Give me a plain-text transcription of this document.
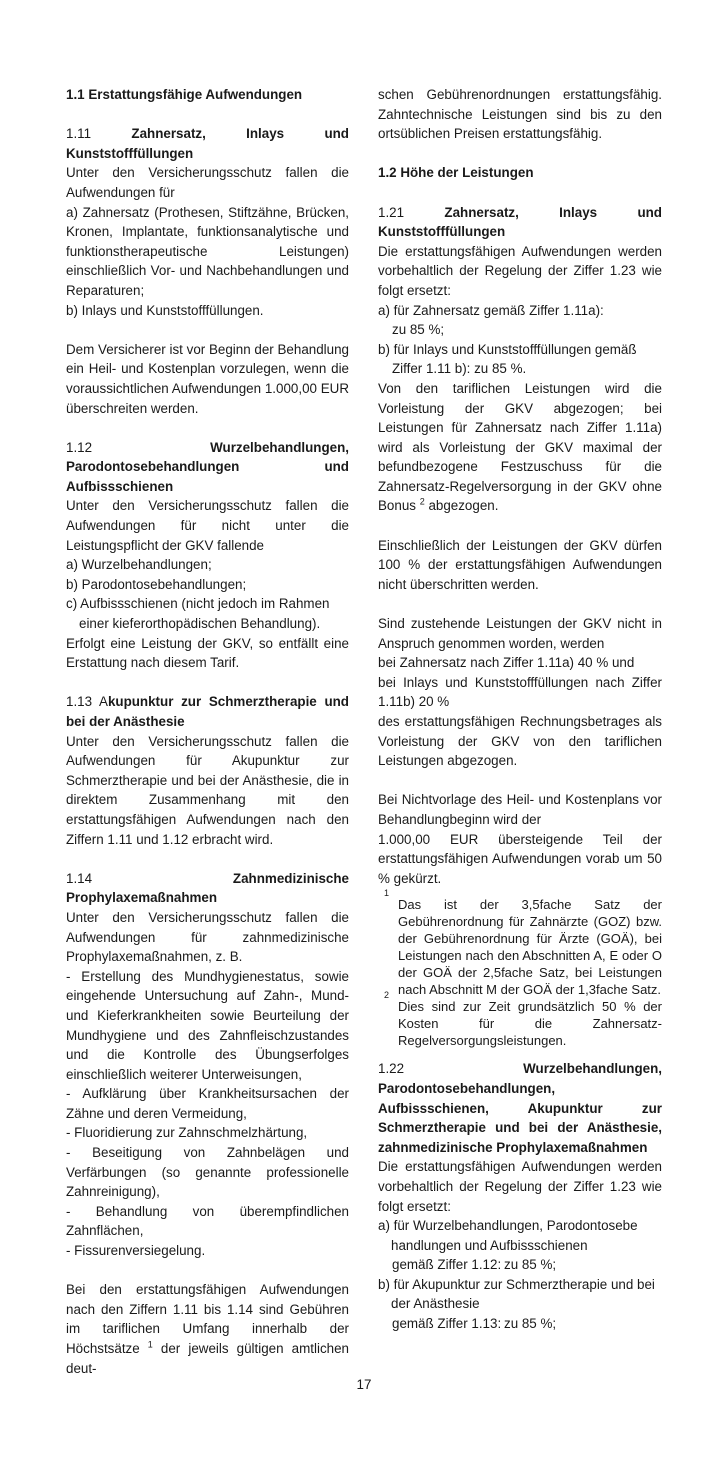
1.1 Erstattungsfähige Aufwendungen

1.11 Zahnersatz, Inlays und Kunststofffüllungen

Unter den Versicherungsschutz fallen die Aufwendungen für

a) Zahnersatz (Prothesen, Stiftzähne, Brücken, Kronen, Implantate, funktionsanalytische und funktionstherapeutische Leistungen) einschließlich Vor- und Nachbehandlungen und Reparaturen;

b) Inlays und Kunststofffüllungen.

Dem Versicherer ist vor Beginn der Behandlung ein Heil- und Kostenplan vorzulegen, wenn die voraussichtlichen Aufwendungen 1.000,00 EUR überschreiten werden.

1.12 Wurzelbehandlungen, Parodontosebehandlungen und Aufbissschienen

Unter den Versicherungsschutz fallen die Aufwendungen für nicht unter die Leistungspflicht der GKV fallende

a) Wurzelbehandlungen;

b) Parodontosebehandlungen;

c) Aufbissschienen (nicht jedoch im Rahmen einer kieferorthopädischen Behandlung).

Erfolgt eine Leistung der GKV, so entfällt eine Erstattung nach diesem Tarif.

1.13 Akupunktur zur Schmerztherapie und bei der Anästhesie

Unter den Versicherungsschutz fallen die Aufwendungen für Akupunktur zur Schmerztherapie und bei der Anästhesie, die in direktem Zusammenhang mit den erstattungsfähigen Aufwendungen nach den Ziffern 1.11 und 1.12 erbracht wird.

1.14 Zahnmedizinische Prophylaxemaßnahmen

Unter den Versicherungsschutz fallen die Aufwendungen für zahnmedizinische Prophylaxemaßnahmen, z. B.

- Erstellung des Mundhygienestatus, sowie eingehende Untersuchung auf Zahn-, Mund- und Kieferkrankheiten sowie Beurteilung der Mundhygiene und des Zahnfleischzustandes und die Kontrolle des Übungserfolges einschließlich weiterer Unterweisungen,

- Aufklärung über Krankheitsursachen der Zähne und deren Vermeidung,

- Fluoridierung zur Zahnschmelzhärtung,

- Beseitigung von Zahnbelägen und Verfärbungen (so genannte professionelle Zahnreinigung),

- Behandlung von überempfindlichen Zahnflächen,

- Fissurenversiegelung.

Bei den erstattungsfähigen Aufwendungen nach den Ziffern 1.11 bis 1.14 sind Gebühren im tariflichen Umfang innerhalb der Höchstsätze $^1$ der jeweils gültigen amtlichen deut-

schen Gebührenordnungen erstattungsfähig. Zahntechnische Leistungen sind bis zu den ortsüblichen Preisen erstattungsfähig.

1.2 Höhe der Leistungen

1.21 Zahnersatz, Inlays und Kunststofffüllungen

Die erstattungsfähigen Aufwendungen werden vorbehaltlich der Regelung der Ziffer 1.23 wie folgt ersetzt:

a) für Zahnersatz gemäß Ziffer 1.11a):

zu 85 %;

b) für Inlays und Kunststofffüllungen gemäß

Ziffer 1.11 b): zu 85 %.

Von den tariflichen Leistungen wird die Vorleistung der GKV abgezogen; bei Leistungen für Zahnersatz nach Ziffer 1.11a) wird als Vorleistung der GKV maximal der befundbezogene Festzuschuss für die Zahnersatz-Regelversorgung in der GKV ohne Bonus $^2$ abgezogen.

Einschließlich der Leistungen der GKV dürfen 100 % der erstattungsfähigen Aufwendungen nicht überschritten werden.

Sind zustehende Leistungen der GKV nicht in Anspruch genommen worden, werden

bei Zahnersatz nach Ziffer 1.11a) 40 % und

bei Inlays und Kunststofffüllungen nach Ziffer 1.11b) 20 %

des erstattungsfähigen Rechnungsbetrages als Vorleistung der GKV von den tariflichen Leistungen abgezogen.

Bei Nichtvorlage des Heil- und Kostenplans vor Behandlungbeginn wird der

1.000,00 EUR übersteigende Teil der erstattungsfähigen Aufwendungen vorab um 50 % gekürzt.

1
Das ist der 3,5fache Satz der Gebührenordnung für Zahnärzte (GOZ) bzw. der Gebührenordnung für Ärzte (GOÄ), bei Leistungen nach den Abschnitten A, E oder O der GOÄ der 2,5fache Satz, bei Leistungen nach Abschnitt M der GOÄ der 1,3fache Satz.
2
Dies sind zur Zeit grundsätzlich 50 % der Kosten für die Zahnersatz-Regelversorgungsleistungen.

1.22 Wurzelbehandlungen, Parodontosebehandlungen, Aufbissschienen, Akupunktur zur Schmerztherapie und bei der Anästhesie, zahnmedizinische Prophylaxemaßnahmen

Die erstattungsfähigen Aufwendungen werden vorbehaltlich der Regelung der Ziffer 1.23 wie folgt ersetzt:

a) für Wurzelbehandlungen, Parodontosebe handlungen und Aufbissschienen

gemäß Ziffer 1.12: zu 85 %;

b) für Akupunktur zur Schmerztherapie und bei der Anästhesie

gemäß Ziffer 1.13: zu 85 %;

17
